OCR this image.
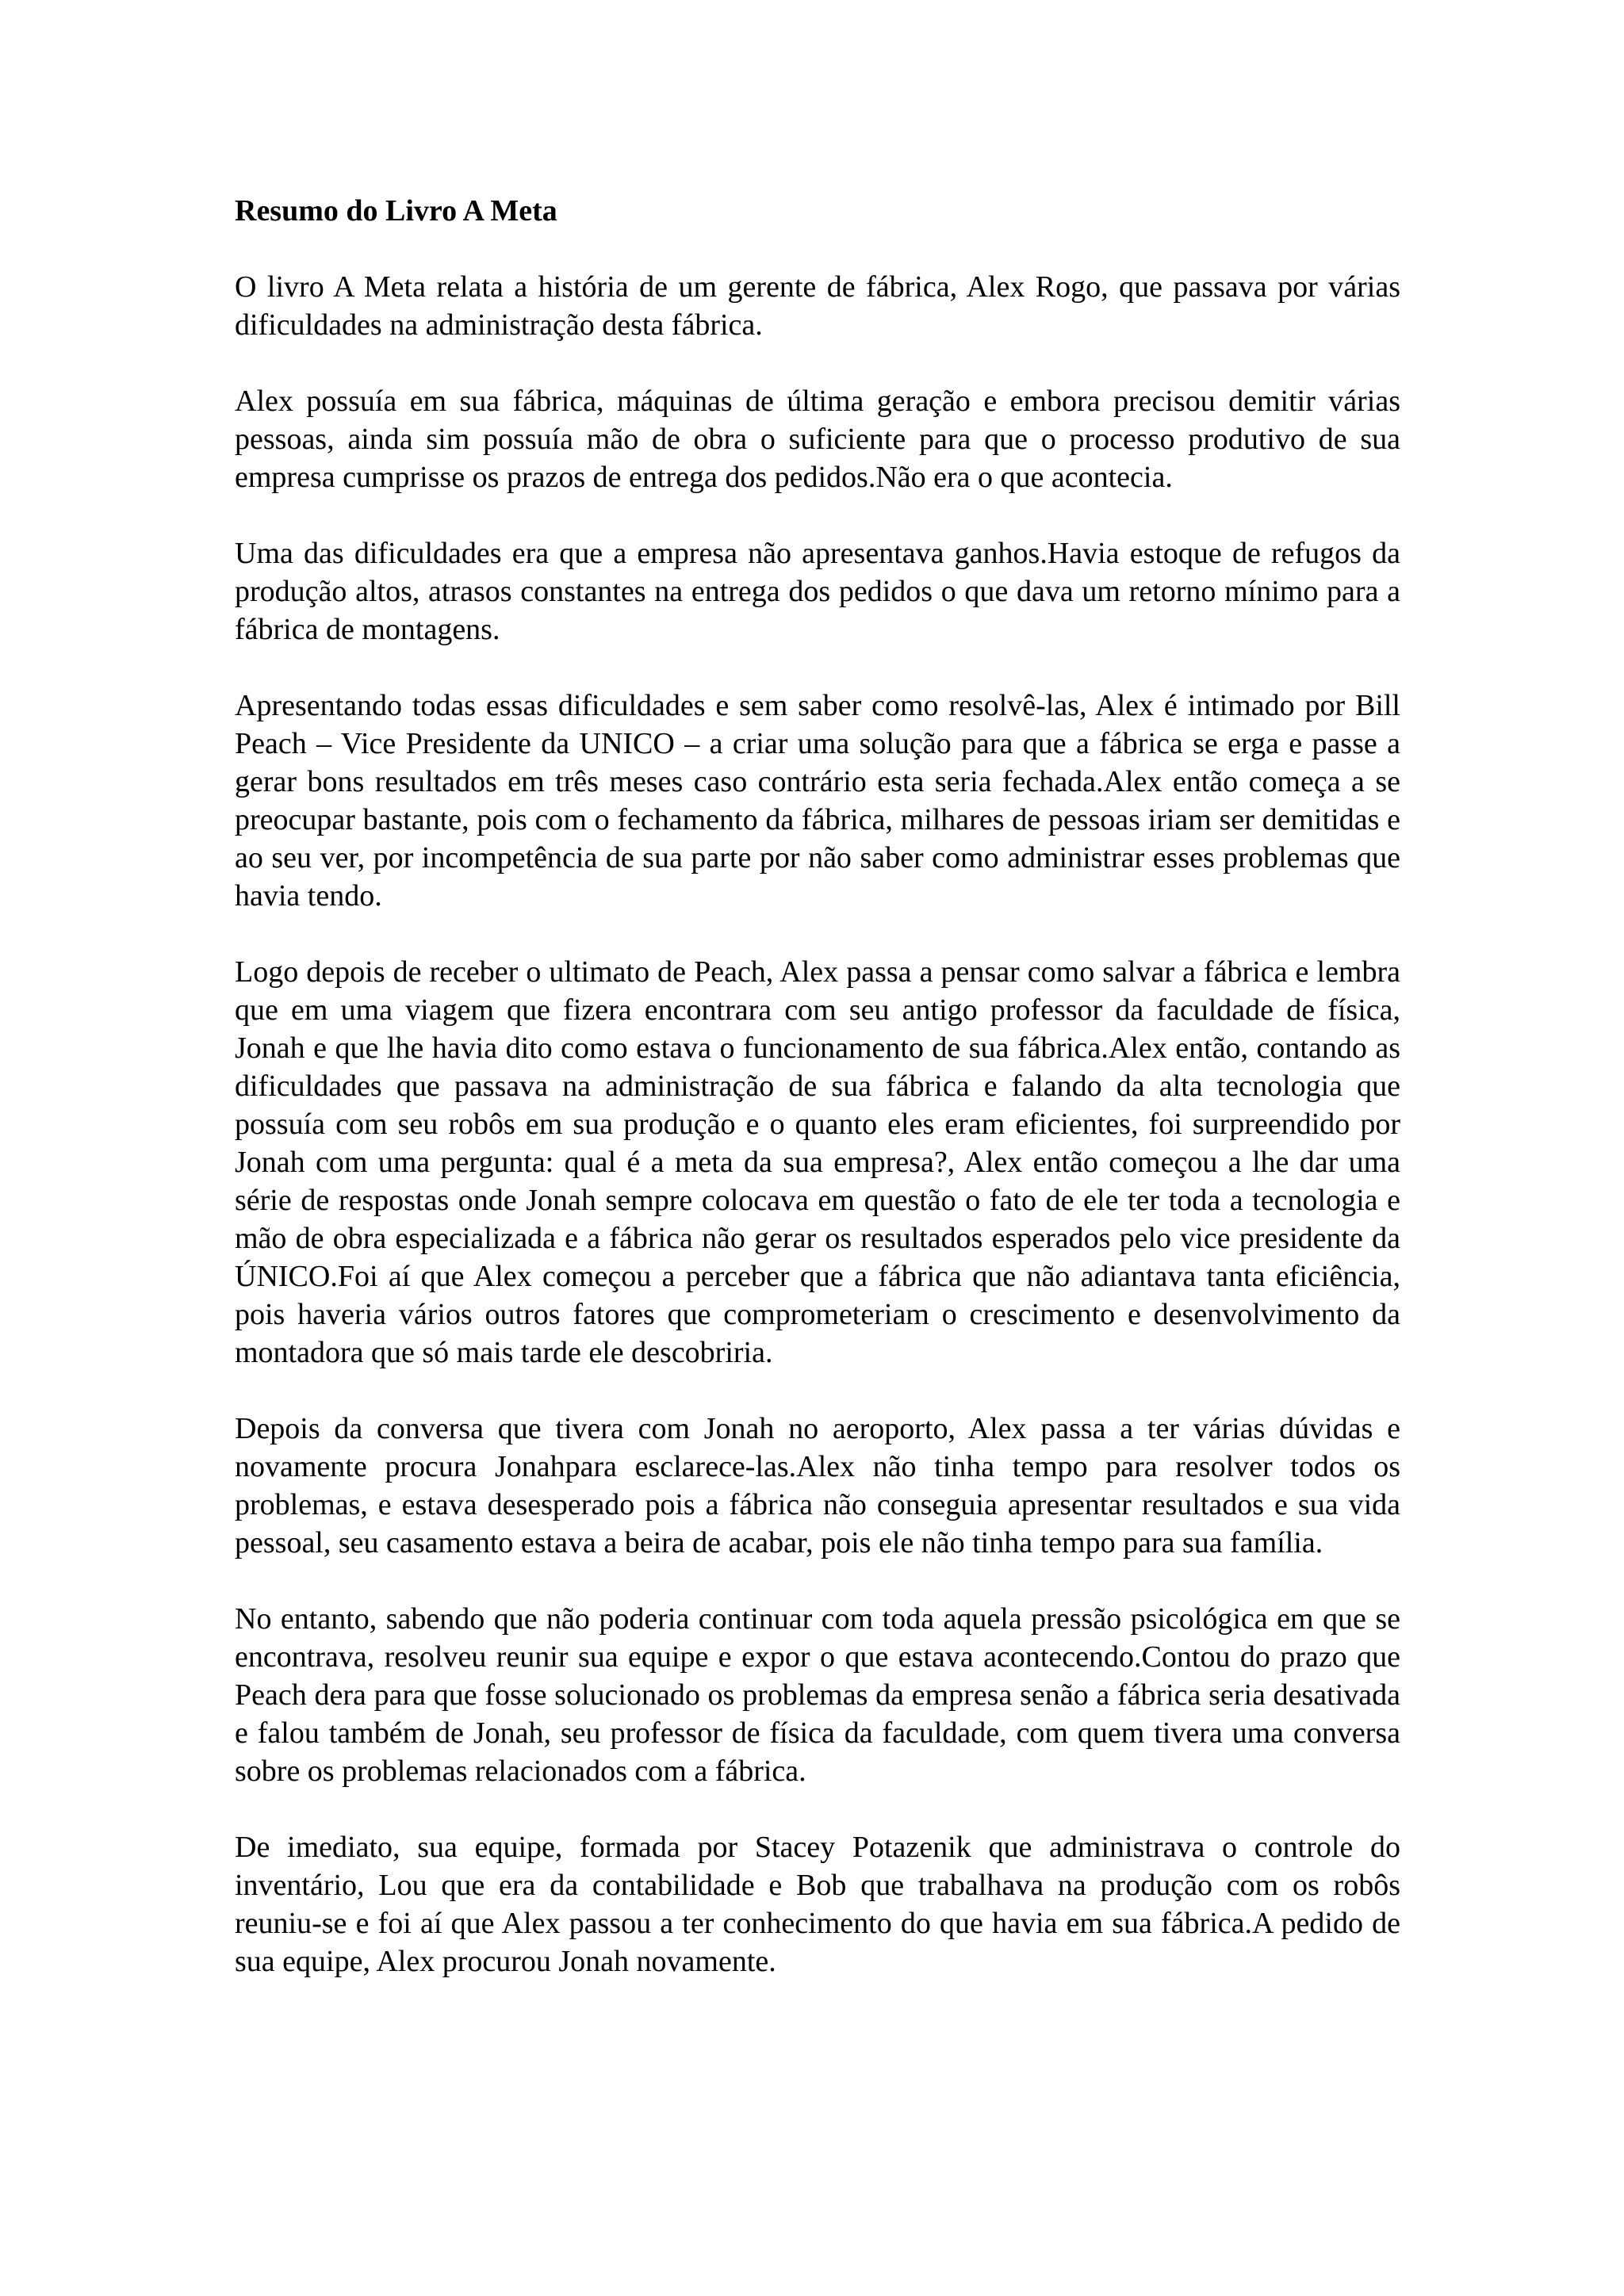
Resumo do Livro A Meta

O livro A Meta relata a história de um gerente de fábrica, Alex Rogo, que passava por várias dificuldades na administração desta fábrica.

Alex possuía em sua fábrica, máquinas de última geração e embora precisou demitir várias pessoas, ainda sim possuía mão de obra o suficiente para que o processo produtivo de sua empresa cumprisse os prazos de entrega dos pedidos.Não era o que acontecia.

Uma das dificuldades era que a empresa não apresentava ganhos.Havia estoque de refugos da produção altos, atrasos constantes na entrega dos pedidos o que dava um retorno mínimo para a fábrica de montagens.

Apresentando todas essas dificuldades e sem saber como resolvê-las, Alex é intimado por Bill Peach – Vice Presidente da UNICO – a criar uma solução para que a fábrica se erga e passe a gerar bons resultados em três meses caso contrário esta seria fechada.Alex então começa a se preocupar bastante, pois com o fechamento da fábrica, milhares de pessoas iriam ser demitidas e ao seu ver, por incompetência de sua parte por não saber como administrar esses problemas que havia tendo.

Logo depois de receber o ultimato de Peach, Alex passa a pensar como salvar a fábrica e lembra que em uma viagem que fizera encontrara com seu antigo professor da faculdade de física, Jonah e que lhe havia dito como estava o funcionamento de sua fábrica.Alex então, contando as dificuldades que passava na administração de sua fábrica e falando da alta tecnologia que possuía com seu robôs em sua produção e o quanto eles eram eficientes, foi surpreendido por Jonah com uma pergunta: qual é a meta da sua empresa?, Alex então começou a lhe dar uma série de respostas onde Jonah sempre colocava em questão o fato de ele ter toda a tecnologia e mão de obra especializada e a fábrica não gerar os resultados esperados pelo vice presidente da ÚNICO.Foi aí que Alex começou a perceber que a fábrica que não adiantava tanta eficiência, pois haveria vários outros fatores que comprometeriam o crescimento e desenvolvimento da montadora que só mais tarde ele descobriria.

Depois da conversa que tivera com Jonah no aeroporto, Alex passa a ter várias dúvidas e novamente procura Jonahpara esclarece-las.Alex não tinha tempo para resolver todos os problemas, e estava desesperado pois a fábrica não conseguia apresentar resultados e sua vida pessoal, seu casamento estava a beira de acabar, pois ele não tinha tempo para sua família.

No entanto, sabendo que não poderia continuar com toda aquela pressão psicológica em que se encontrava, resolveu reunir sua equipe e expor o que estava acontecendo.Contou do prazo que Peach dera para que fosse solucionado os problemas da empresa senão a fábrica seria desativada e falou também de Jonah, seu professor de física da faculdade, com quem tivera uma conversa sobre os problemas relacionados com a fábrica.

De imediato, sua equipe, formada por Stacey Potazenik que administrava o controle do inventário, Lou que era da contabilidade e Bob que trabalhava na produção com os robôs reuniu-se e foi aí que Alex passou a ter conhecimento do que havia em sua fábrica.A pedido de sua equipe, Alex procurou Jonah novamente.
